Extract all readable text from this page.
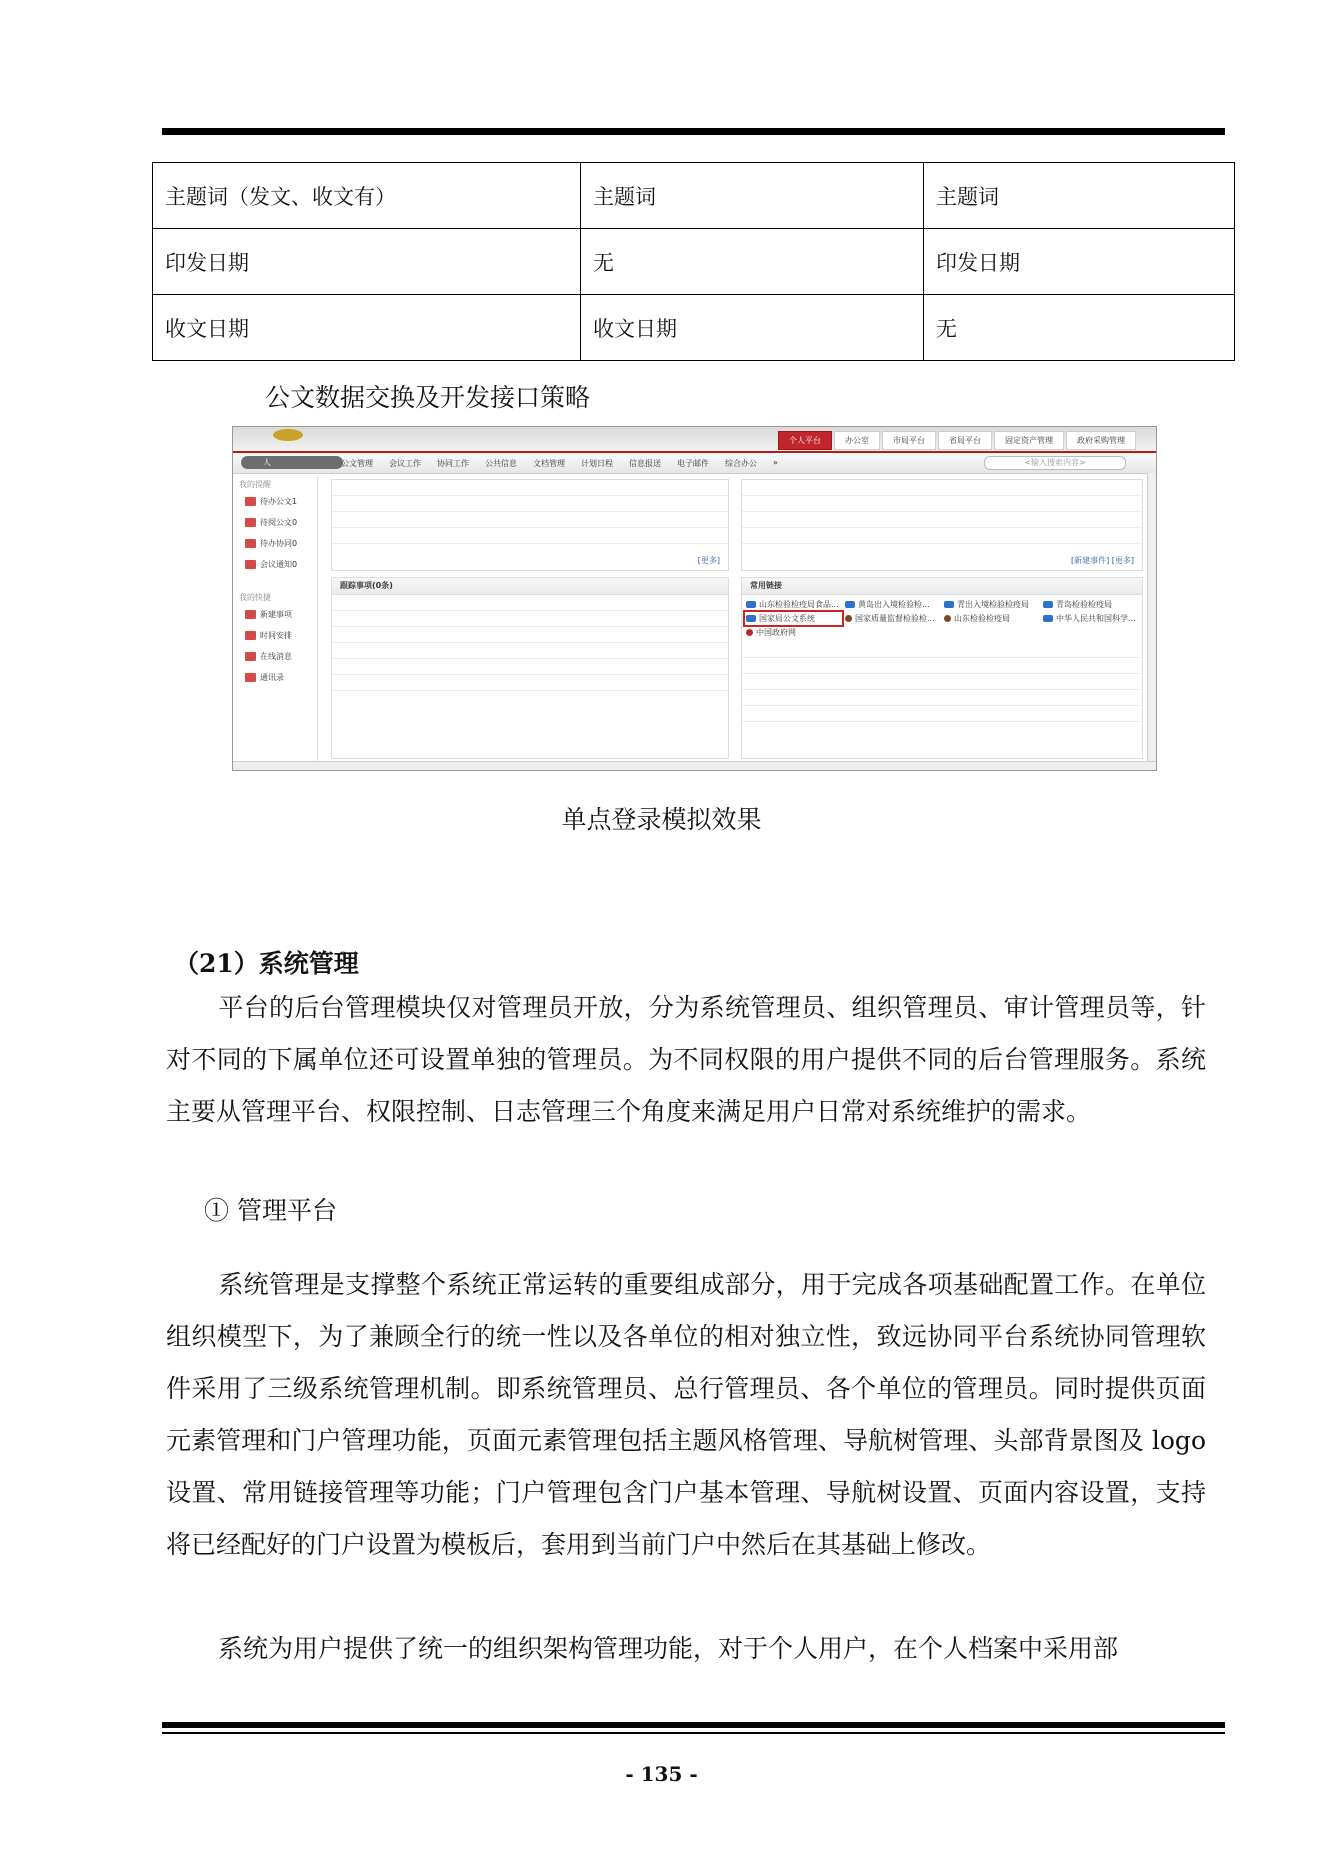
主题词（发文、收文有）	主题词	主题词
印发日期	无	印发日期
收文日期	收文日期	无
公文数据交换及开发接口策略
个人平台	办公室	市局平台	省局平台	固定资产管理	政府采购管理
人	公文管理 会议工作 协同工作 公共信息 文档管理 计划日程 信息报送 电子邮件 综合办公 »	<输入搜索内容>
我的提醒
待办公文1
待阅公文0
待办协同0
会议通知0
我的快捷
新建事项
时间安排
在线消息
通讯录
[更多]	[新建事件] [更多]
跟踪事项(0条)	常用链接
山东检验检疫局食品... 黄岛出入境检验检...	青出入境检验检疫局	青岛检验检疫局
国家局公文系统	国家质量监督检验检... 山东检验检疫局	中华人民共和国科学...
中国政府网
单点登录模拟效果
（21）系统管理

平台的后台管理模块仅对管理员开放，分为系统管理员、组织管理员、审计管理员等，针对不同的下属单位还可设置单独的管理员。为不同权限的用户提供不同的后台管理服务。系统主要从管理平台、权限控制、日志管理三个角度来满足用户日常对系统维护的需求。

① 管理平台

系统管理是支撑整个系统正常运转的重要组成部分，用于完成各项基础配置工作。在单位组织模型下，为了兼顾全行的统一性以及各单位的相对独立性，致远协同平台系统协同管理软件采用了三级系统管理机制。即系统管理员、总行管理员、各个单位的管理员。同时提供页面元素管理和门户管理功能，页面元素管理包括主题风格管理、导航树管理、头部背景图及 logo 设置、常用链接管理等功能；门户管理包含门户基本管理、导航树设置、页面内容设置，支持将已经配好的门户设置为模板后，套用到当前门户中然后在其基础上修改。

系统为用户提供了统一的组织架构管理功能，对于个人用户，在个人档案中采用部

- 135 -
